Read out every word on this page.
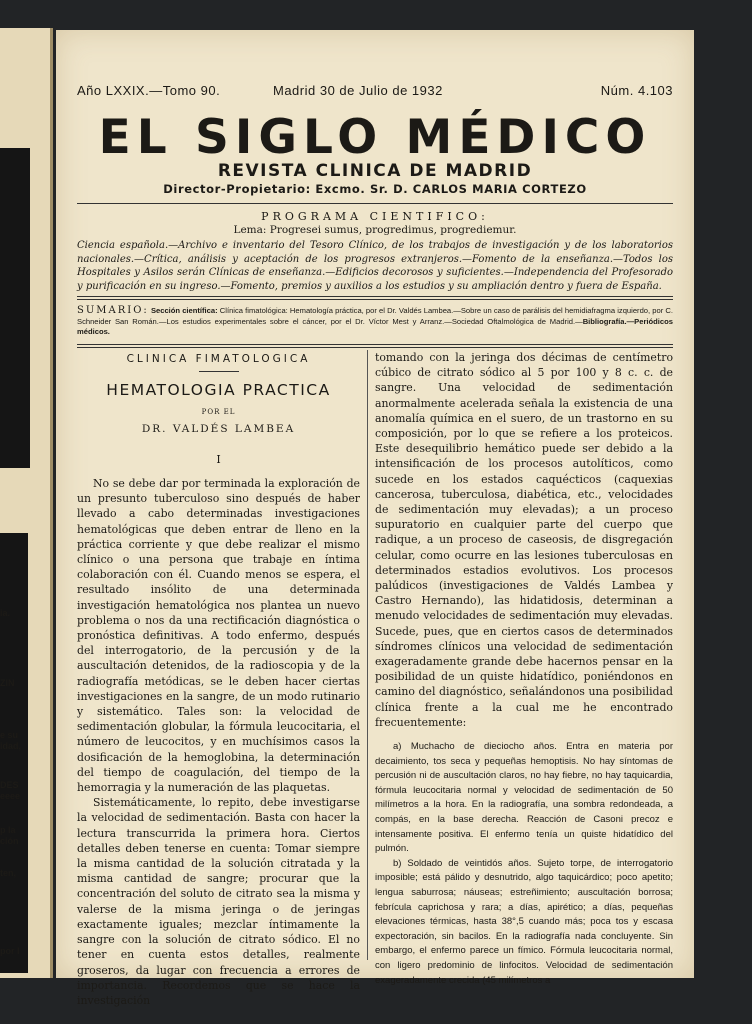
ia.
ZIN
e su
idad,
DES
eeee
p la
ción
ten,
por l
Año LXXIX.—Tomo 90.	Madrid 30 de Julio de 1932	Núm. 4.103
EL SIGLO MÉDICO
REVISTA CLINICA DE MADRID
Director-Propietario: Excmo. Sr. D. CARLOS MARIA CORTEZO
PROGRAMA CIENTIFICO:
Lema: Progresei sumus, progredimus, progrediemur.
Ciencia española.—Archivo e inventario del Tesoro Clínico, de los trabajos de investigación y de los laboratorios nacionales.—Crítica, análisis y aceptación de los progresos extranjeros.—Fomento de la enseñanza.—Todos los Hospitales y Asilos serán Clínicas de enseñanza.—Edificios decorosos y suficientes.—Independencia del Profesorado y purificación en su ingreso.—Fomento, premios y auxilios a los estudios y su ampliación dentro y fuera de España.
SUMARIO: Sección científica: Clínica fimatológica: Hematología práctica, por el Dr. Valdés Lambea.—Sobre un caso de parálisis del hemidiafragma izquierdo, por C. Schneider San Román.—Los estudios experimentales sobre el cáncer, por el Dr. Víctor Mest y Arranz.—Sociedad Oftalmológica de Madrid.—Bibliografía.—Periódicos médicos.
CLINICA FIMATOLOGICA
HEMATOLOGIA PRACTICA
POR EL
DR. VALDÉS LAMBEA
I

No se debe dar por terminada la exploración de un presunto tuberculoso sino después de haber llevado a cabo determinadas investigaciones hematológicas que deben entrar de lleno en la práctica corriente y que debe realizar el mismo clínico o una persona que trabaje en íntima colaboración con él. Cuando menos se espera, el resultado insólito de una determinada investigación hematológica nos plantea un nuevo problema o nos da una rectificación diagnóstica o pronóstica definitivas. A todo enfermo, después del interrogatorio, de la percusión y de la auscultación detenidos, de la radioscopia y de la radiografía metódicas, se le deben hacer ciertas investigaciones en la sangre, de un modo rutinario y sistemático. Tales son: la velocidad de sedimentación globular, la fórmula leucocitaria, el número de leucocitos, y en muchísimos casos la dosificación de la hemoglobina, la determinación del tiempo de coagulación, del tiempo de la hemorragia y la numeración de las plaquetas.

Sistemáticamente, lo repito, debe investigarse la velocidad de sedimentación. Basta con hacer la lectura transcurrida la primera hora. Ciertos detalles deben tenerse en cuenta: Tomar siempre la misma cantidad de la solución citratada y la misma cantidad de sangre; procurar que la concentración del soluto de citrato sea la misma y valerse de la misma jeringa o de jeringas exactamente iguales; mezclar íntimamente la sangre con la solución de citrato sódico. El no tener en cuenta estos detalles, realmente groseros, da lugar con frecuencia a errores de importancia. Recordemos que se hace la investigación

tomando con la jeringa dos décimas de centímetro cúbico de citrato sódico al 5 por 100 y 8 c. c. de sangre. Una velocidad de sedimentación anormalmente acelerada señala la existencia de una anomalía química en el suero, de un trastorno en su composición, por lo que se refiere a los proteicos. Este desequilibrio hemático puede ser debido a la intensificación de los procesos autolíticos, como sucede en los estados caquécticos (caquexias cancerosa, tuberculosa, diabética, etc., velocidades de sedimentación muy elevadas); a un proceso supuratorio en cualquier parte del cuerpo que radique, a un proceso de caseosis, de disgregación celular, como ocurre en las lesiones tuberculosas en determinados estadios evolutivos. Los procesos palúdicos (investigaciones de Valdés Lambea y Castro Hernando), las hidatidosis, determinan a menudo velocidades de sedimentación muy elevadas. Sucede, pues, que en ciertos casos de determinados síndromes clínicos una velocidad de sedimentación exageradamente grande debe hacernos pensar en la posibilidad de un quiste hidatídico, poniéndonos en camino del diagnóstico, señalándonos una posibilidad clínica frente a la cual me he encontrado frecuentemente:

a) Muchacho de dieciocho años. Entra en materia por decaimiento, tos seca y pequeñas hemoptisis. No hay síntomas de percusión ni de auscultación claros, no hay fiebre, no hay taquicardia, fórmula leucocitaria normal y velocidad de sedimentación de 50 milímetros a la hora. En la radiografía, una sombra redondeada, a compás, en la base derecha. Reacción de Casoni precoz e intensamente positiva. El enfermo tenía un quiste hidatídico del pulmón.

b) Soldado de veintidós años. Sujeto torpe, de interrogatorio imposible; está pálido y desnutrido, algo taquicárdico; poco apetito; lengua saburrosa; náuseas; estreñimiento; auscultación borrosa; febrícula caprichosa y rara; a días, apirético; a días, pequeñas elevaciones térmicas, hasta 38°,5 cuando más; poca tos y escasa expectoración, sin bacilos. En la radiografía nada concluyente. Sin embargo, el enfermo parece un fímico. Fórmula leucocitaria normal, con ligero predominio de linfocitos. Velocidad de sedimentación exageradamente crecida (45 milímetros a
